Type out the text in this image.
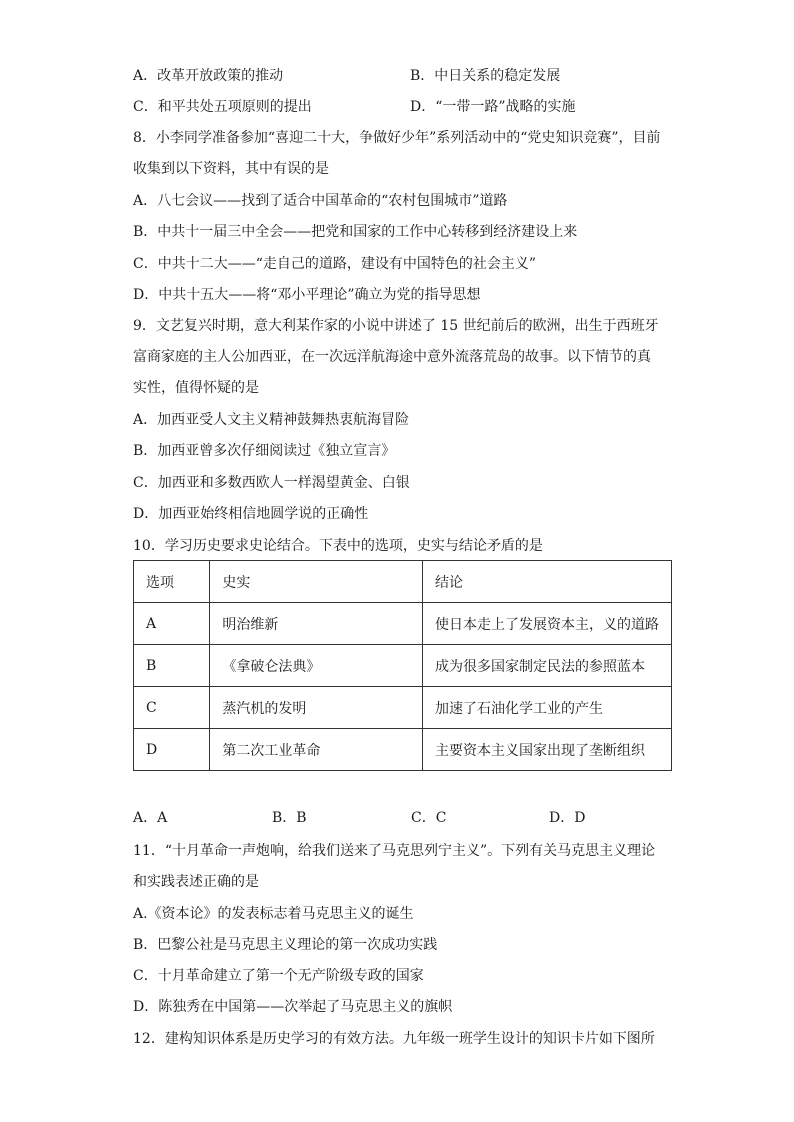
A．改革开放政策的推动	B．中日关系的稳定发展
C．和平共处五项原则的提出	D．“一带一路”战略的实施
8．小李同学准备参加“喜迎二十大，争做好少年”系列活动中的“党史知识竞赛”，目前
收集到以下资料，其中有误的是
A．八七会议——找到了适合中国革命的“农村包围城市”道路
B．中共十一届三中全会——把党和国家的工作中心转移到经济建设上来
C．中共十二大——“走自己的道路，建设有中国特色的社会主义”
D．中共十五大——将“邓小平理论”确立为党的指导思想
9．文艺复兴时期，意大利某作家的小说中讲述了 15 世纪前后的欧洲，出生于西班牙
富商家庭的主人公加西亚，在一次远洋航海途中意外流落荒岛的故事。以下情节的真
实性，值得怀疑的是
A．加西亚受人文主义精神鼓舞热衷航海冒险
B．加西亚曾多次仔细阅读过《独立宣言》
C．加西亚和多数西欧人一样渴望黄金、白银
D．加西亚始终相信地圆学说的正确性
10．学习历史要求史论结合。下表中的选项，史实与结论矛盾的是
选项	史实	结论
A	明治维新	使日本走上了发展资本主，义的道路
B	《拿破仑法典》	成为很多国家制定民法的参照蓝本
C	蒸汽机的发明	加速了石油化学工业的产生
D	第二次工业革命	主要资本主义国家出现了垄断组织
A．A	B．B	C．C	D．D
11．“十月革命一声炮响，给我们送来了马克思列宁主义”。下列有关马克思主义理论
和实践表述正确的是
A.《资本论》的发表标志着马克思主义的诞生
B．巴黎公社是马克思主义理论的第一次成功实践
C．十月革命建立了第一个无产阶级专政的国家
D．陈独秀在中国第——次举起了马克思主义的旗帜
12．建构知识体系是历史学习的有效方法。九年级一班学生设计的知识卡片如下图所
